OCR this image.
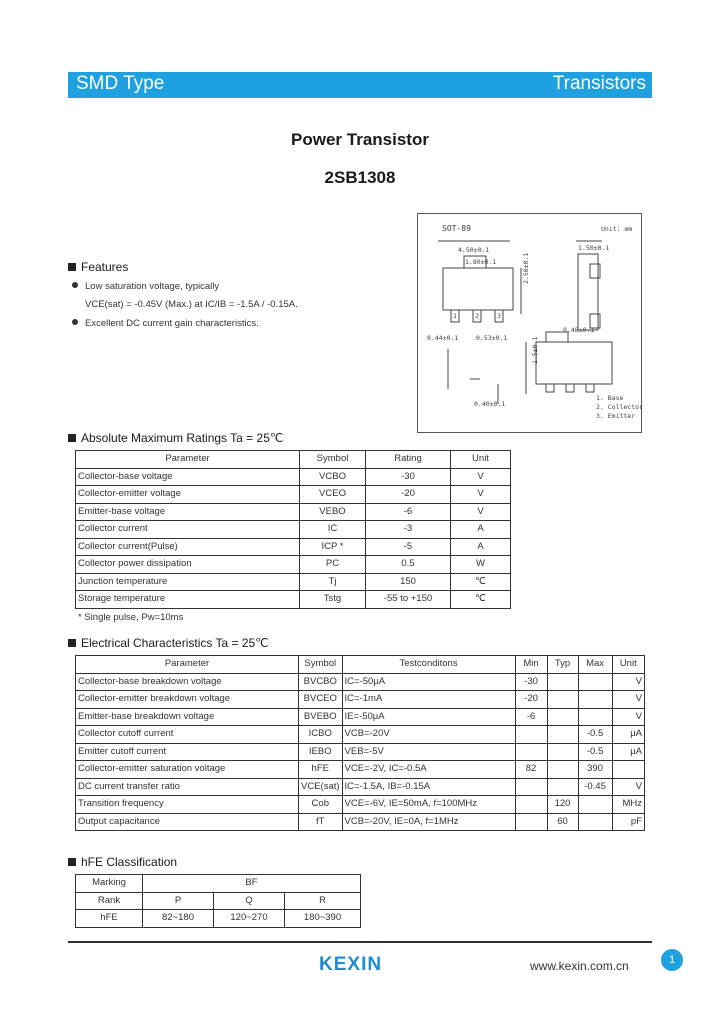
SMD Type	Transistors
Power Transistor
2SB1308
Features
Low saturation voltage, typically
VCE(sat) = -0.45V (Max.) at IC/IB = -1.5A / -0.15A.
Excellent DC current gain characteristics.
SOT-89	Unit: mm
4.50±0.1
1.80±0.1
1.50±0.1
2.50±0.1
0.44±0.1
0.48±0.1
0.53±0.1
0.40±0.1
1.5±0.1
1	2	3
1. Base
2. Collector
3. Emitter
Absolute Maximum Ratings Ta = 25℃
Parameter	Symbol	Rating	Unit
Collector-base voltage	VCBO	-30	V
Collector-emitter voltage	VCEO	-20	V
Emitter-base voltage	VEBO	-6	V
Collector current	IC	-3	A
Collector current(Pulse)	ICP *	-5	A
Collector power dissipation	PC	0.5	W
Junction temperature	Tj	150	℃
Storage temperature	Tstg	-55 to +150	℃
* Single pulse, Pw=10ms
Electrical Characteristics Ta = 25℃
Parameter	Symbol	Testconditons	Min	Typ	Max	Unit
Collector-base breakdown voltage	BVCBO	IC=-50μA	-30			V
Collector-emitter breakdown voltage	BVCEO	IC=-1mA	-20			V
Emitter-base breakdown voltage	BVEBO	IE=-50μA	-6			V
Collector cutoff current	ICBO	VCB=-20V			-0.5	μA
Emitter cutoff current	IEBO	VEB=-5V			-0.5	μA
Collector-emitter saturation voltage	hFE	VCE=-2V, IC=-0.5A	82		390	
DC current transfer ratio	VCE(sat)	IC=-1.5A, IB=-0.15A			-0.45	V
Transition frequency	Cob	VCE=-6V, IE=50mA, f=100MHz		120		MHz
Output capacitance	fT	VCB=-20V, IE=0A, f=1MHz		60		pF
hFE Classification
Marking	BF		
Rank	P	Q	R
hFE	82~180	120~270	180~390
KEXIN	www.kexin.com.cn	1
